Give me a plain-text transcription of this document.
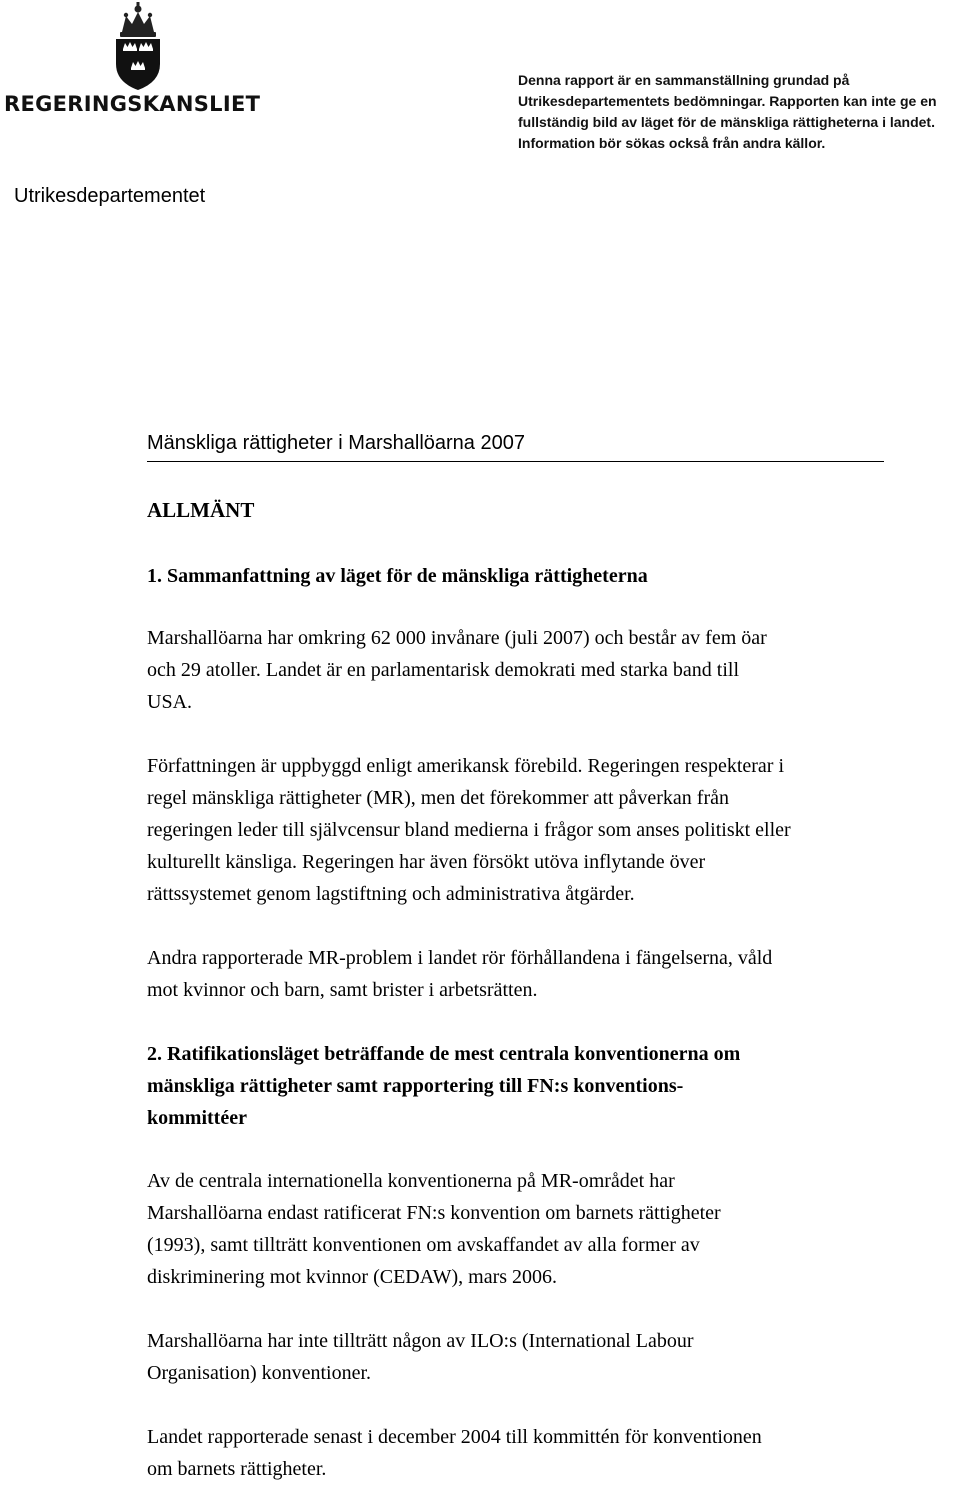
REGERINGSKANSLIET
Denna rapport är en sammanställning grundad på
Utrikesdepartementets bedömningar. Rapporten kan inte ge en
fullständig bild av läget för de mänskliga rättigheterna i landet.
Information bör sökas också från andra källor.
Utrikesdepartementet
Mänskliga rättigheter i Marshallöarna 2007
ALLMÄNT
1. Sammanfattning av läget för de mänskliga rättigheterna
Marshallöarna har omkring 62 000 invånare (juli 2007) och består av fem öar
och 29 atoller. Landet är en parlamentarisk demokrati med starka band till
USA.
Författningen är uppbyggd enligt amerikansk förebild. Regeringen respekterar i
regel mänskliga rättigheter (MR), men det förekommer att påverkan från
regeringen leder till självcensur bland medierna i frågor som anses politiskt eller
kulturellt känsliga. Regeringen har även försökt utöva inflytande över
rättssystemet genom lagstiftning och administrativa åtgärder.
Andra rapporterade MR-problem i landet rör förhållandena i fängelserna, våld
mot kvinnor och barn, samt brister i arbetsrätten.
2. Ratifikationsläget beträffande de mest centrala konventionerna om
mänskliga rättigheter samt rapportering till FN:s konventions-
kommittéer
Av de centrala internationella konventionerna på MR-området har
Marshallöarna endast ratificerat FN:s konvention om barnets rättigheter
(1993), samt tillträtt konventionen om avskaffandet av alla former av
diskriminering mot kvinnor (CEDAW), mars 2006.
Marshallöarna har inte tillträtt någon av ILO:s (International Labour
Organisation) konventioner.
Landet rapporterade senast i december 2004 till kommittén för konventionen
om barnets rättigheter.
